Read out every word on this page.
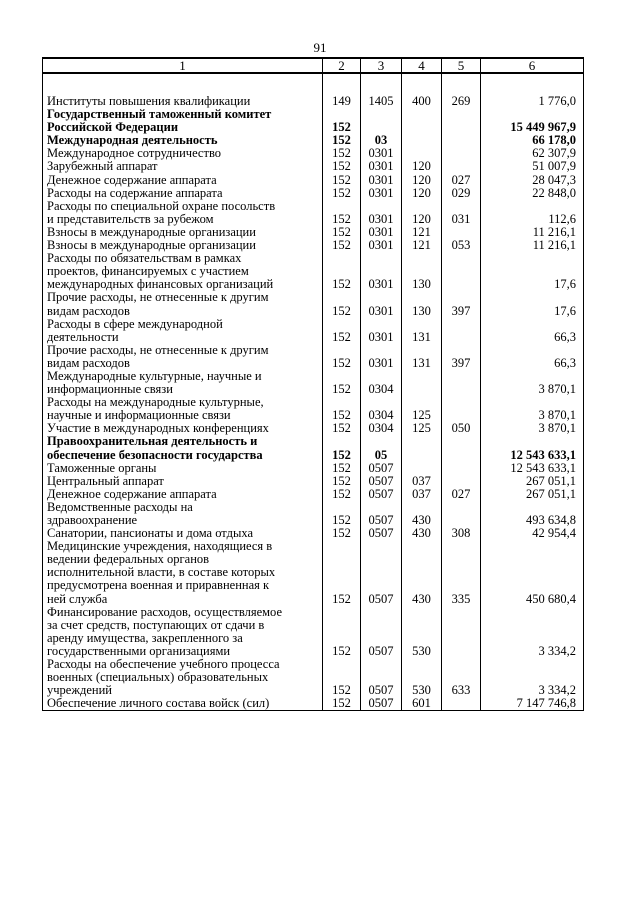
91
1	2	3	4	5	6

Институты повышения квалификации	149	1405	400	269	1 776,0
Государственный таможенный комитет					
Российской Федерации	152				15 449 967,9
Международная деятельность	152	03			66 178,0
Международное сотрудничество	152	0301			62 307,9
Зарубежный аппарат	152	0301	120		51 007,9
Денежное содержание аппарата	152	0301	120	027	28 047,3
Расходы на содержание аппарата	152	0301	120	029	22 848,0
Расходы по специальной охране посольств
и представительств за рубежом	152	0301	120	031	112,6
Взносы в международные организации	152	0301	121		11 216,1
Взносы в международные организации	152	0301	121	053	11 216,1
Расходы по обязательствам в рамках
проектов, финансируемых с участием
международных финансовых организаций	152	0301	130		17,6
Прочие расходы, не отнесенные к другим
видам расходов	152	0301	130	397	17,6
Расходы в сфере международной
деятельности	152	0301	131		66,3
Прочие расходы, не отнесенные к другим
видам расходов	152	0301	131	397	66,3
Международные культурные, научные и
информационные связи	152	0304			3 870,1
Расходы на международные культурные,
научные и информационные связи	152	0304	125		3 870,1
Участие в международных конференциях	152	0304	125	050	3 870,1
Правоохранительная деятельность и
обеспечение безопасности государства	152	05			12 543 633,1
Таможенные органы	152	0507			12 543 633,1
Центральный аппарат	152	0507	037		267 051,1
Денежное содержание аппарата	152	0507	037	027	267 051,1
Ведомственные расходы на
здравоохранение	152	0507	430		493 634,8
Санатории, пансионаты и дома отдыха	152	0507	430	308	42 954,4
Медицинские учреждения, находящиеся в
ведении федеральных органов
исполнительной власти, в составе которых
предусмотрена военная и приравненная к
ней служба	152	0507	430	335	450 680,4
Финансирование расходов, осуществляемое
за счет средств, поступающих от сдачи в
аренду имущества, закрепленного за
государственными организациями	152	0507	530		3 334,2
Расходы на обеспечение учебного процесса
военных (специальных) образовательных
учреждений	152	0507	530	633	3 334,2
Обеспечение личного состава войск (сил)	152	0507	601		7 147 746,8
